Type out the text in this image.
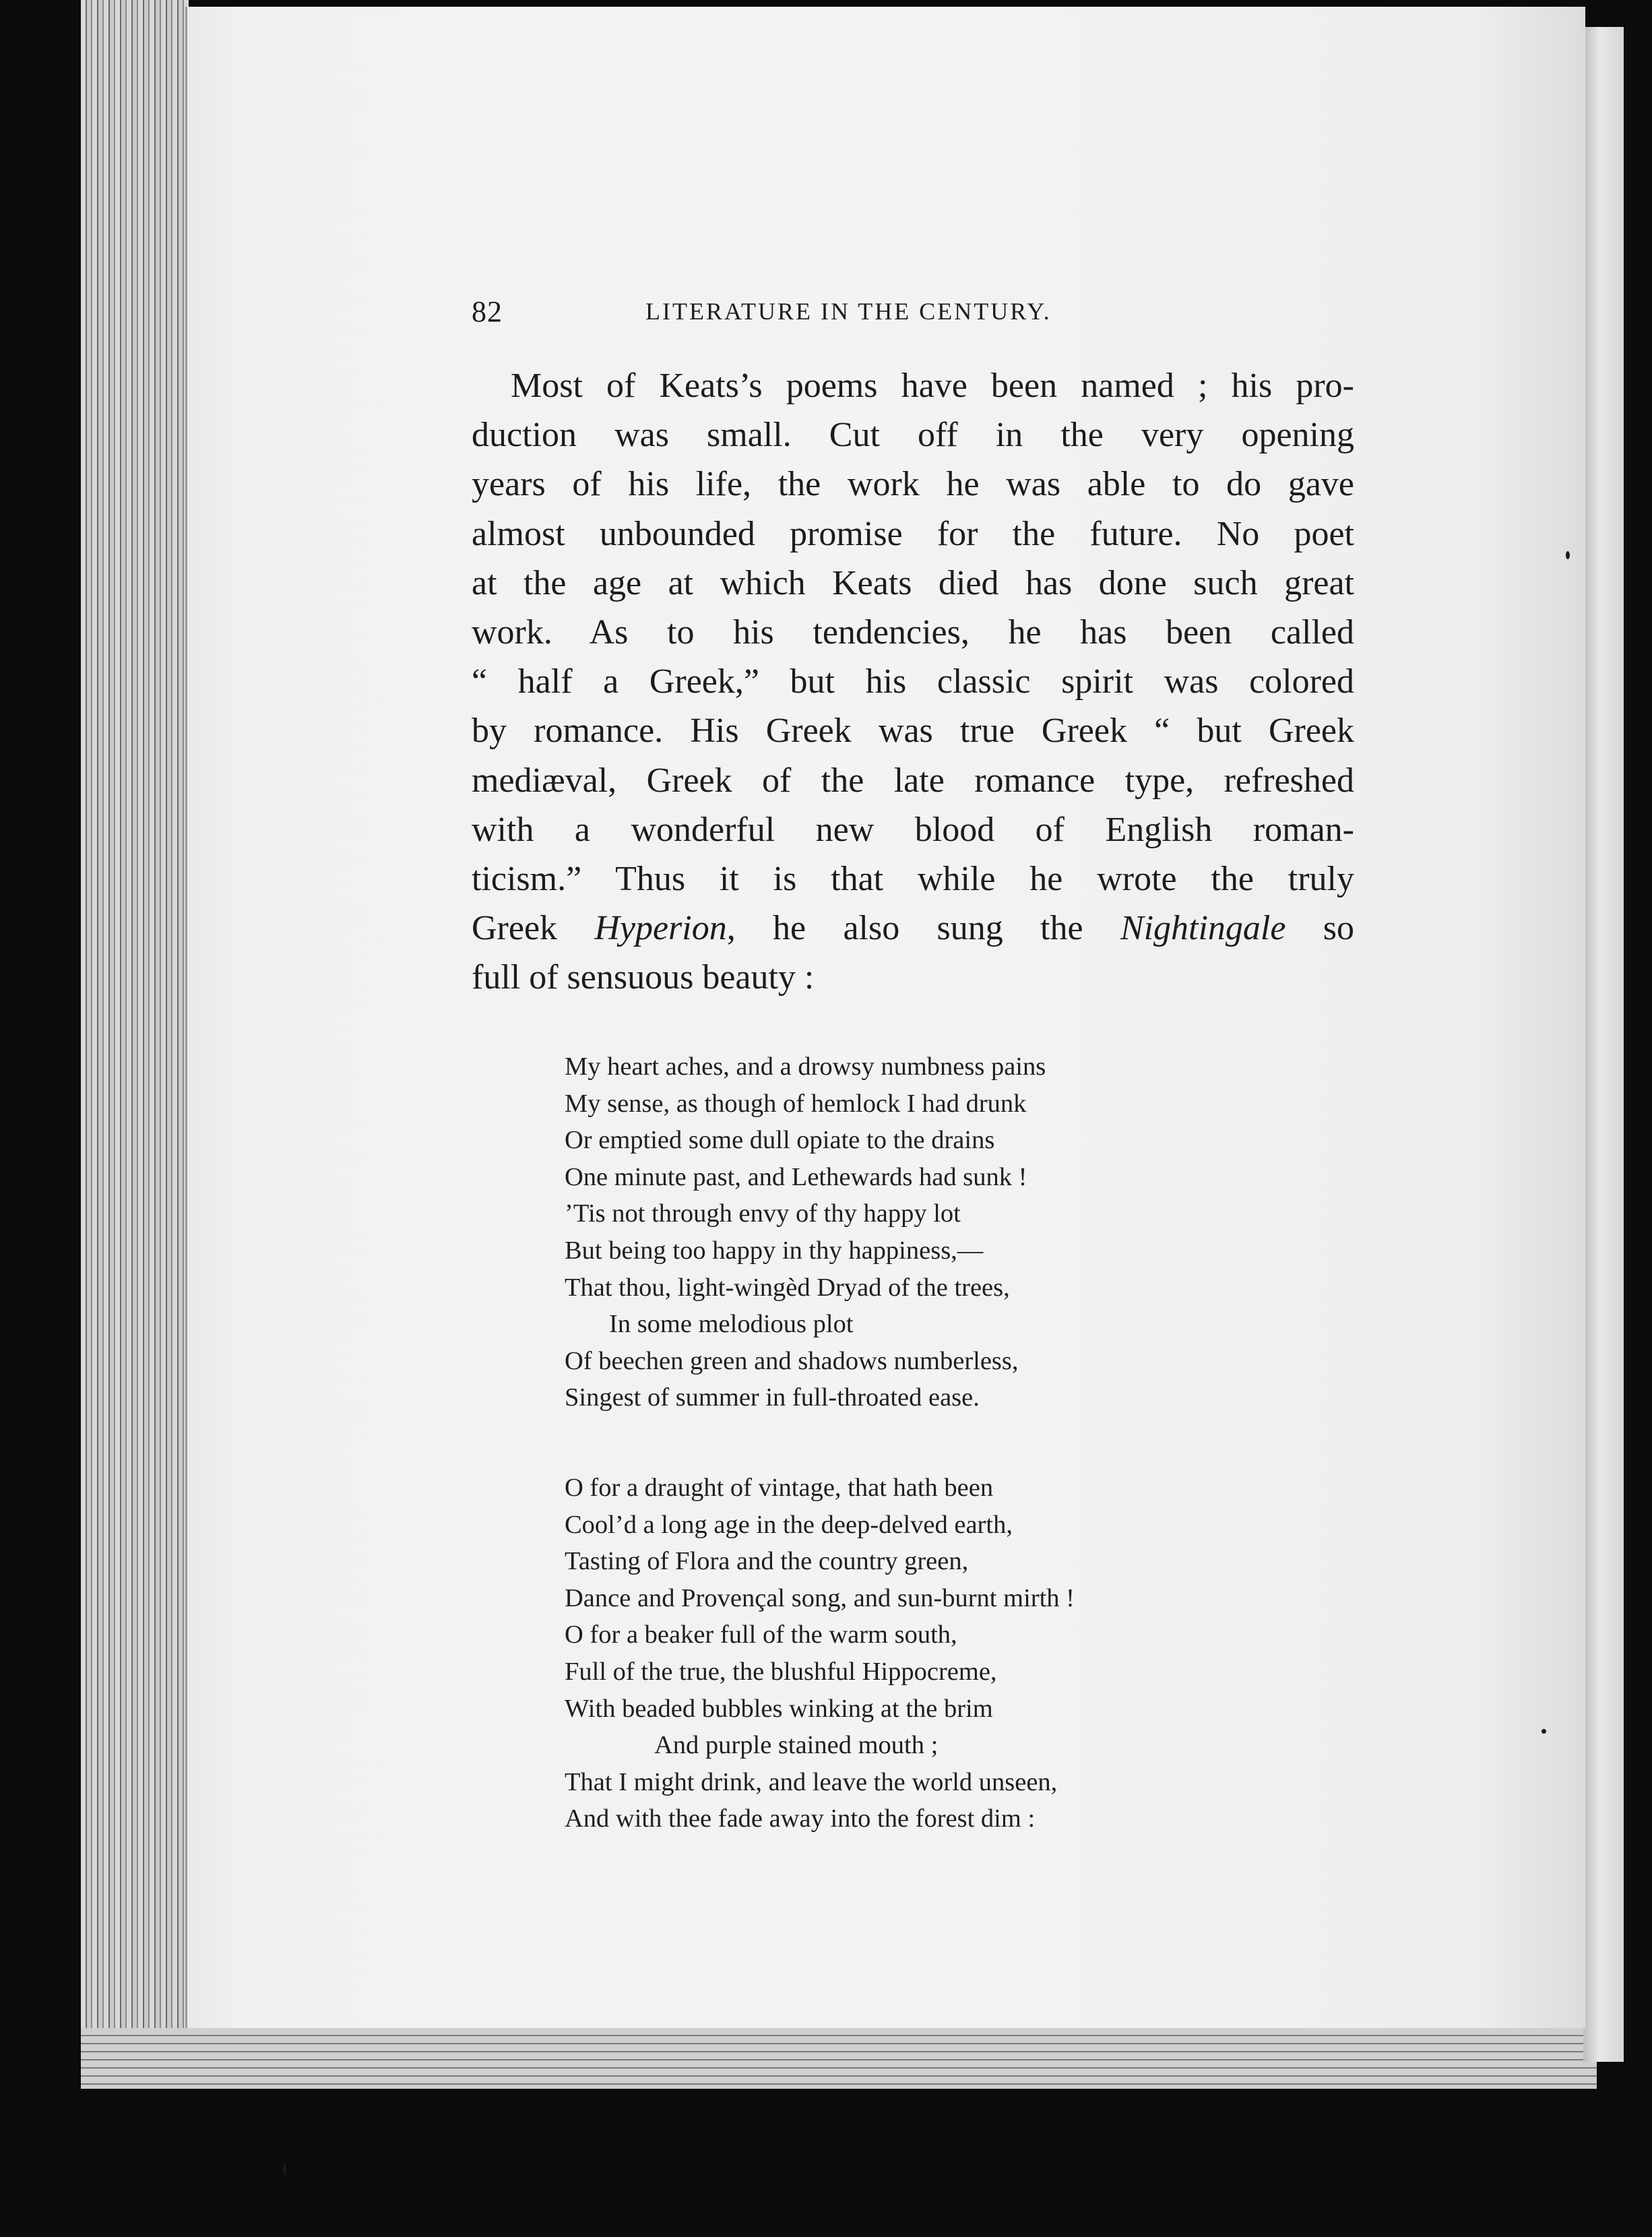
82	LITERATURE IN THE CENTURY.
Most of Keats’s poems have been named ; his pro-
duction was small. Cut off in the very opening
years of his life, the work he was able to do gave
almost unbounded promise for the future. No poet
at the age at which Keats died has done such great
work. As to his tendencies, he has been called
“ half a Greek,” but his classic spirit was colored
by romance. His Greek was true Greek “ but Greek
mediæval, Greek of the late romance type, refreshed
with a wonderful new blood of English roman-
ticism.” Thus it is that while he wrote the truly
Greek Hyperion, he also sung the Nightingale so
full of sensuous beauty :
My heart aches, and a drowsy numbness pains
My sense, as though of hemlock I had drunk
Or emptied some dull opiate to the drains
One minute past, and Lethewards had sunk !
’Tis not through envy of thy happy lot
But being too happy in thy happiness,—
That thou, light-wingèd Dryad of the trees,
In some melodious plot
Of beechen green and shadows numberless,
Singest of summer in full-throated ease.
O for a draught of vintage, that hath been
Cool’d a long age in the deep-delved earth,
Tasting of Flora and the country green,
Dance and Provençal song, and sun-burnt mirth !
O for a beaker full of the warm south,
Full of the true, the blushful Hippocreme,
With beaded bubbles winking at the brim
And purple stained mouth ;
That I might drink, and leave the world unseen,
And with thee fade away into the forest dim :
